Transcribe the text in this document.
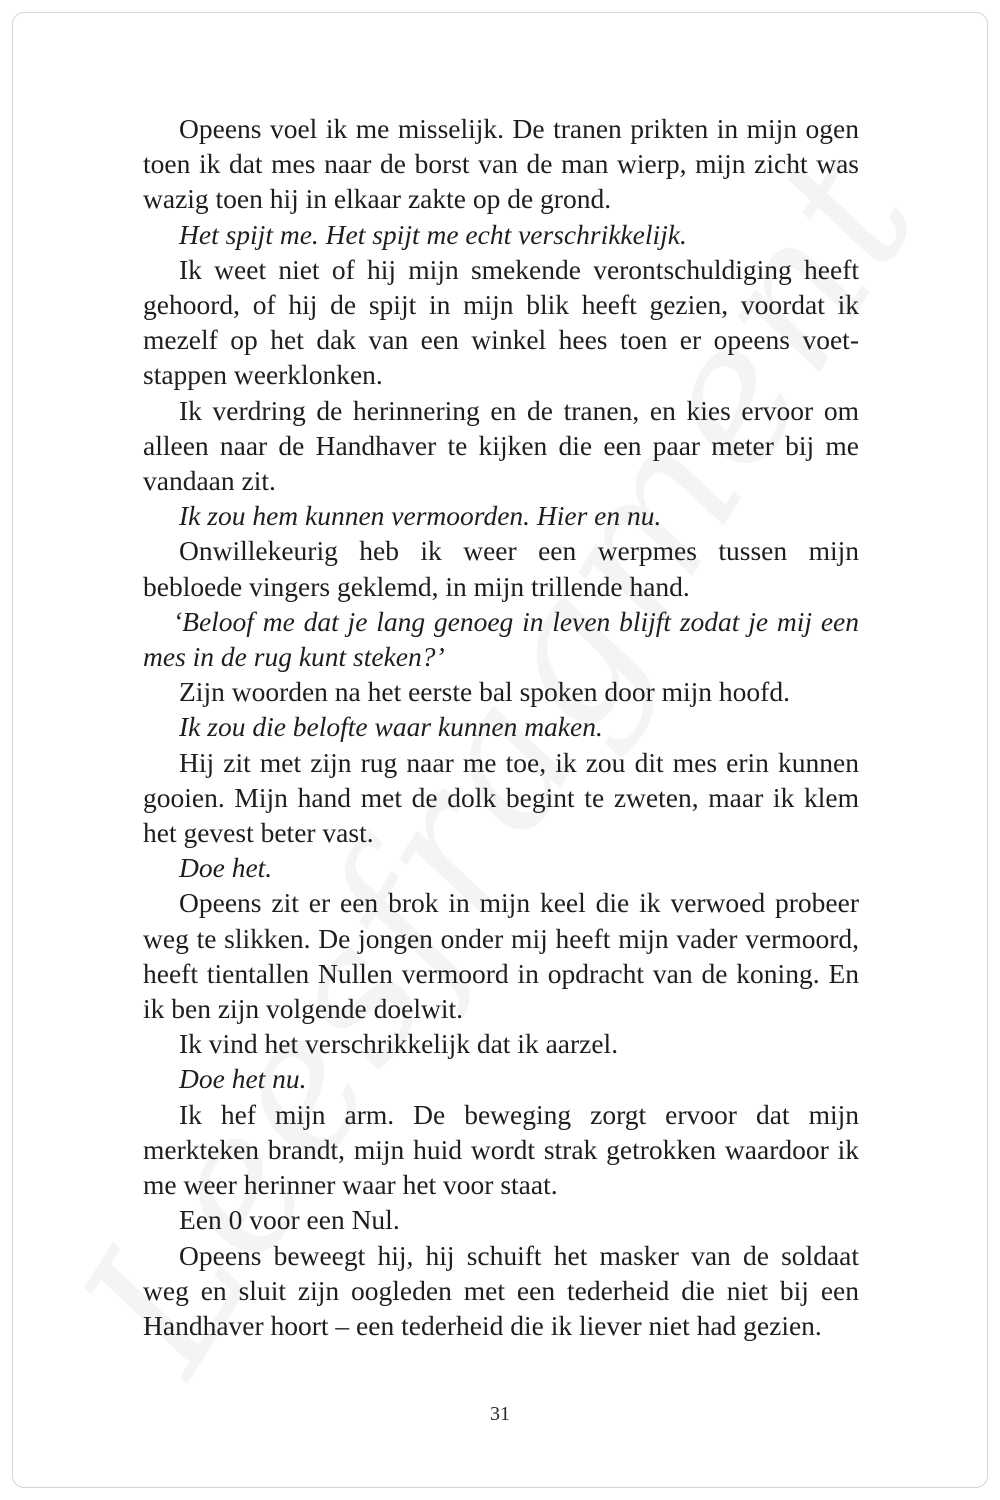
Opeens voel ik me misselijk. De tranen prikten in mijn ogen toen ik dat mes naar de borst van de man wierp, mijn zicht was wazig toen hij in elkaar zakte op de grond.

Het spijt me. Het spijt me echt verschrikkelijk.

Ik weet niet of hij mijn smekende verontschuldiging heeft gehoord, of hij de spijt in mijn blik heeft gezien, voordat ik mezelf op het dak van een winkel hees toen er opeens voetstappen weerklonken.

Ik verdring de herinnering en de tranen, en kies ervoor om alleen naar de Handhaver te kijken die een paar meter bij me vandaan zit.

Ik zou hem kunnen vermoorden. Hier en nu.

Onwillekeurig heb ik weer een werpmes tussen mijn bebloede vingers geklemd, in mijn trillende hand.

‘Beloof me dat je lang genoeg in leven blijft zodat je mij een mes in de rug kunt steken?’

Zijn woorden na het eerste bal spoken door mijn hoofd.

Ik zou die belofte waar kunnen maken.

Hij zit met zijn rug naar me toe, ik zou dit mes erin kunnen gooien. Mijn hand met de dolk begint te zweten, maar ik klem het gevest beter vast.

Doe het.

Opeens zit er een brok in mijn keel die ik verwoed probeer weg te slikken. De jongen onder mij heeft mijn vader vermoord, heeft tientallen Nullen vermoord in opdracht van de koning. En ik ben zijn volgende doelwit.

Ik vind het verschrikkelijk dat ik aarzel.

Doe het nu.

Ik hef mijn arm. De beweging zorgt ervoor dat mijn merkteken brandt, mijn huid wordt strak getrokken waardoor ik me weer herinner waar het voor staat.

Een 0 voor een Nul.

Opeens beweegt hij, hij schuift het masker van de soldaat weg en sluit zijn oogleden met een tederheid die niet bij een Handhaver hoort – een tederheid die ik liever niet had gezien.

31
